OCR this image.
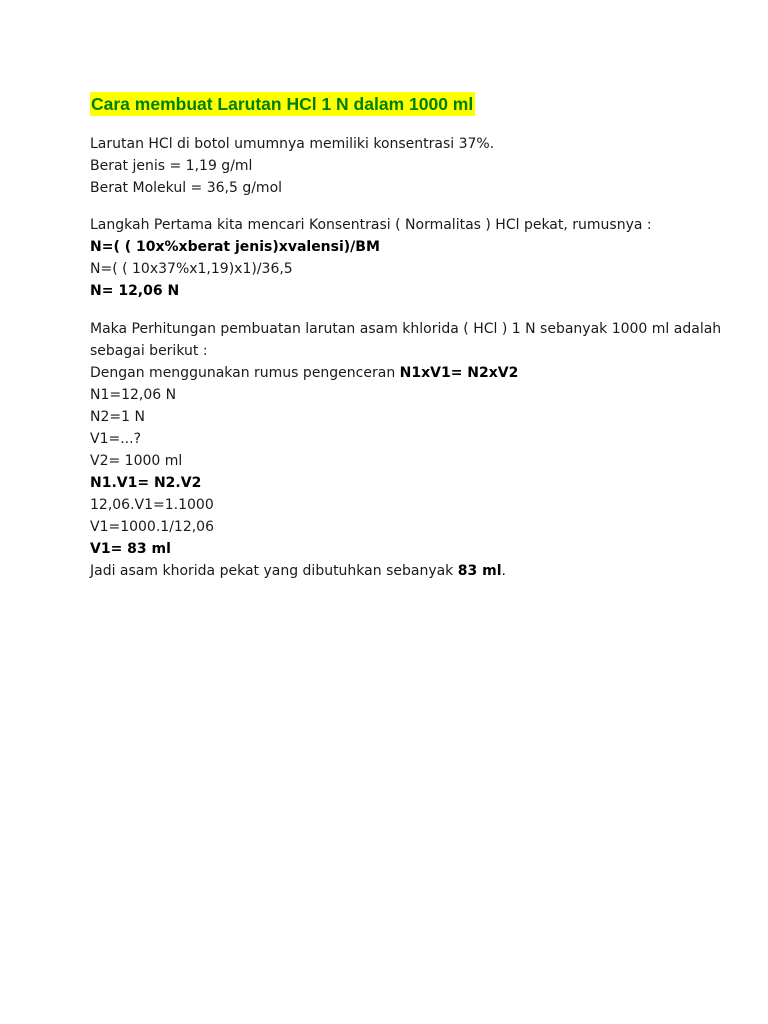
Cara membuat Larutan HCl 1 N dalam 1000 ml
Larutan HCl di botol umumnya memiliki konsentrasi 37%.
Berat jenis = 1,19 g/ml
Berat Molekul = 36,5 g/mol
Langkah Pertama kita mencari Konsentrasi ( Normalitas ) HCl pekat, rumusnya :
N=( ( 10x%xberat jenis)xvalensi)/BM
N=( ( 10x37%x1,19)x1)/36,5
N= 12,06 N
Maka Perhitungan pembuatan larutan asam khlorida ( HCl ) 1 N sebanyak 1000 ml adalah sebagai berikut :
Dengan menggunakan rumus pengenceran N1xV1= N2xV2
N1=12,06 N
N2=1 N
V1=...?
V2= 1000 ml
N1.V1= N2.V2
12,06.V1=1.1000
V1=1000.1/12,06
V1= 83 ml
Jadi asam khorida pekat yang dibutuhkan sebanyak 83 ml.
